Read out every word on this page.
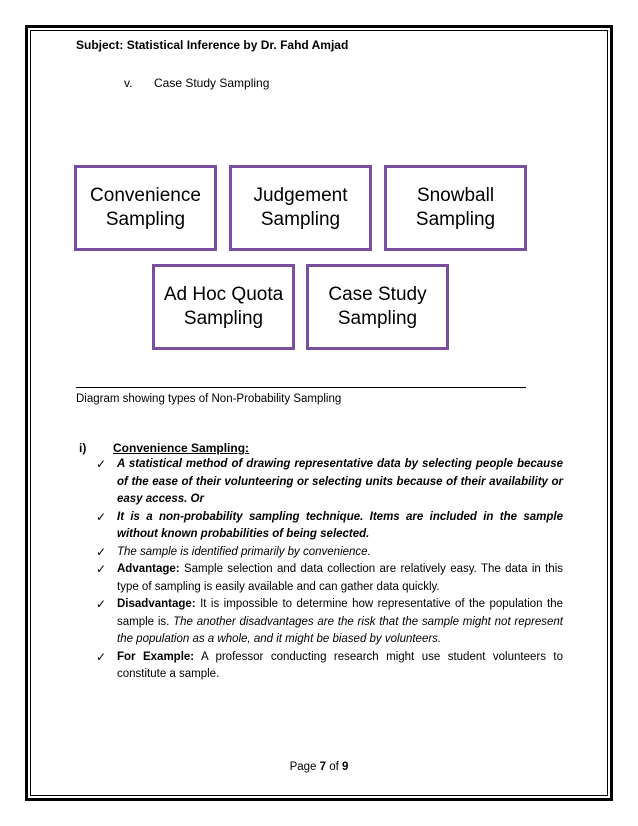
Subject: Statistical Inference by Dr. Fahd Amjad
v. Case Study Sampling
Convenience
Sampling
Judgement
Sampling
Snowball
Sampling
Ad Hoc Quota
Sampling
Case Study
Sampling
Diagram showing types of Non-Probability Sampling
i) Convenience Sampling:
✓ A statistical method of drawing representative data by selecting people because of the ease of their volunteering or selecting units because of their availability or easy access. Or
✓ It is a non-probability sampling technique. Items are included in the sample without known probabilities of being selected.
✓ The sample is identified primarily by convenience.
✓ Advantage: Sample selection and data collection are relatively easy. The data in this type of sampling is easily available and can gather data quickly.
✓ Disadvantage: It is impossible to determine how representative of the population the sample is. The another disadvantages are the risk that the sample might not represent the population as a whole, and it might be biased by volunteers.
✓ For Example: A professor conducting research might use student volunteers to constitute a sample.
Page 7 of 9
